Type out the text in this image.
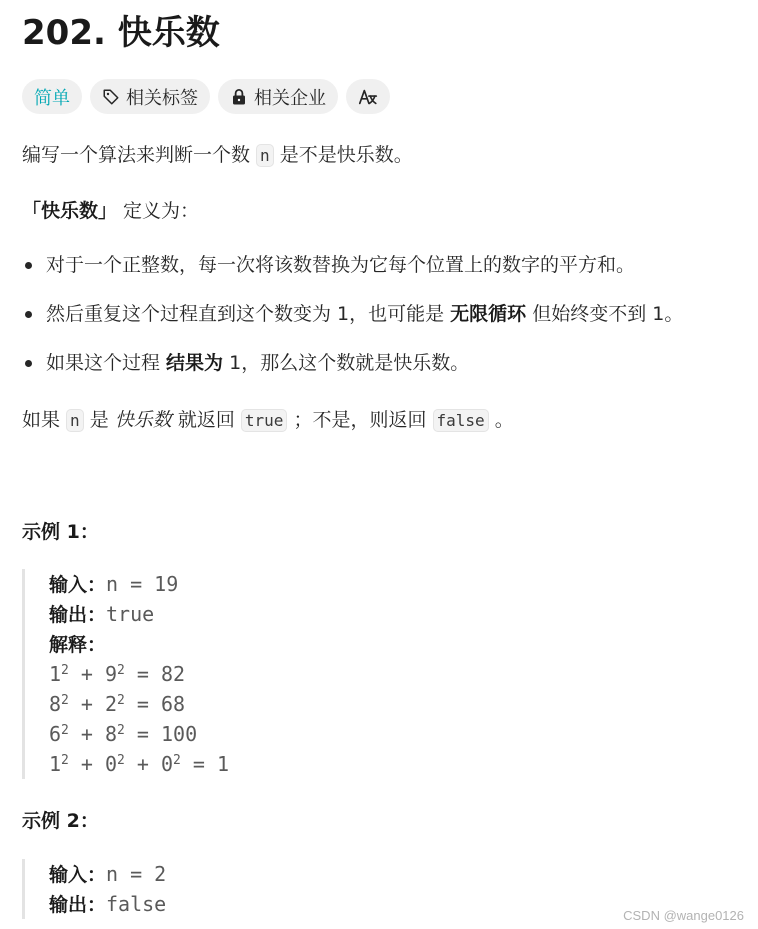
202. 快乐数
简单	相关标签	相关企业

编写一个算法来判断一个数 n 是不是快乐数。

「快乐数」 定义为：

对于一个正整数，每一次将该数替换为它每个位置上的数字的平方和。
然后重复这个过程直到这个数变为 1，也可能是 无限循环 但始终变不到 1。
如果这个过程 结果为 1，那么这个数就是快乐数。

如果 n 是 快乐数 就返回 true ；不是，则返回 false 。

示例 1：

输入：n = 19
输出：true
解释：
$1^2 + 9^2 = 82$
$8^2 + 2^2 = 68$
$6^2 + 8^2 = 100$
$1^2 + 0^2 + 0^2 = 1$

示例 2：

输入：n = 2
输出：false	CSDN @wange0126
